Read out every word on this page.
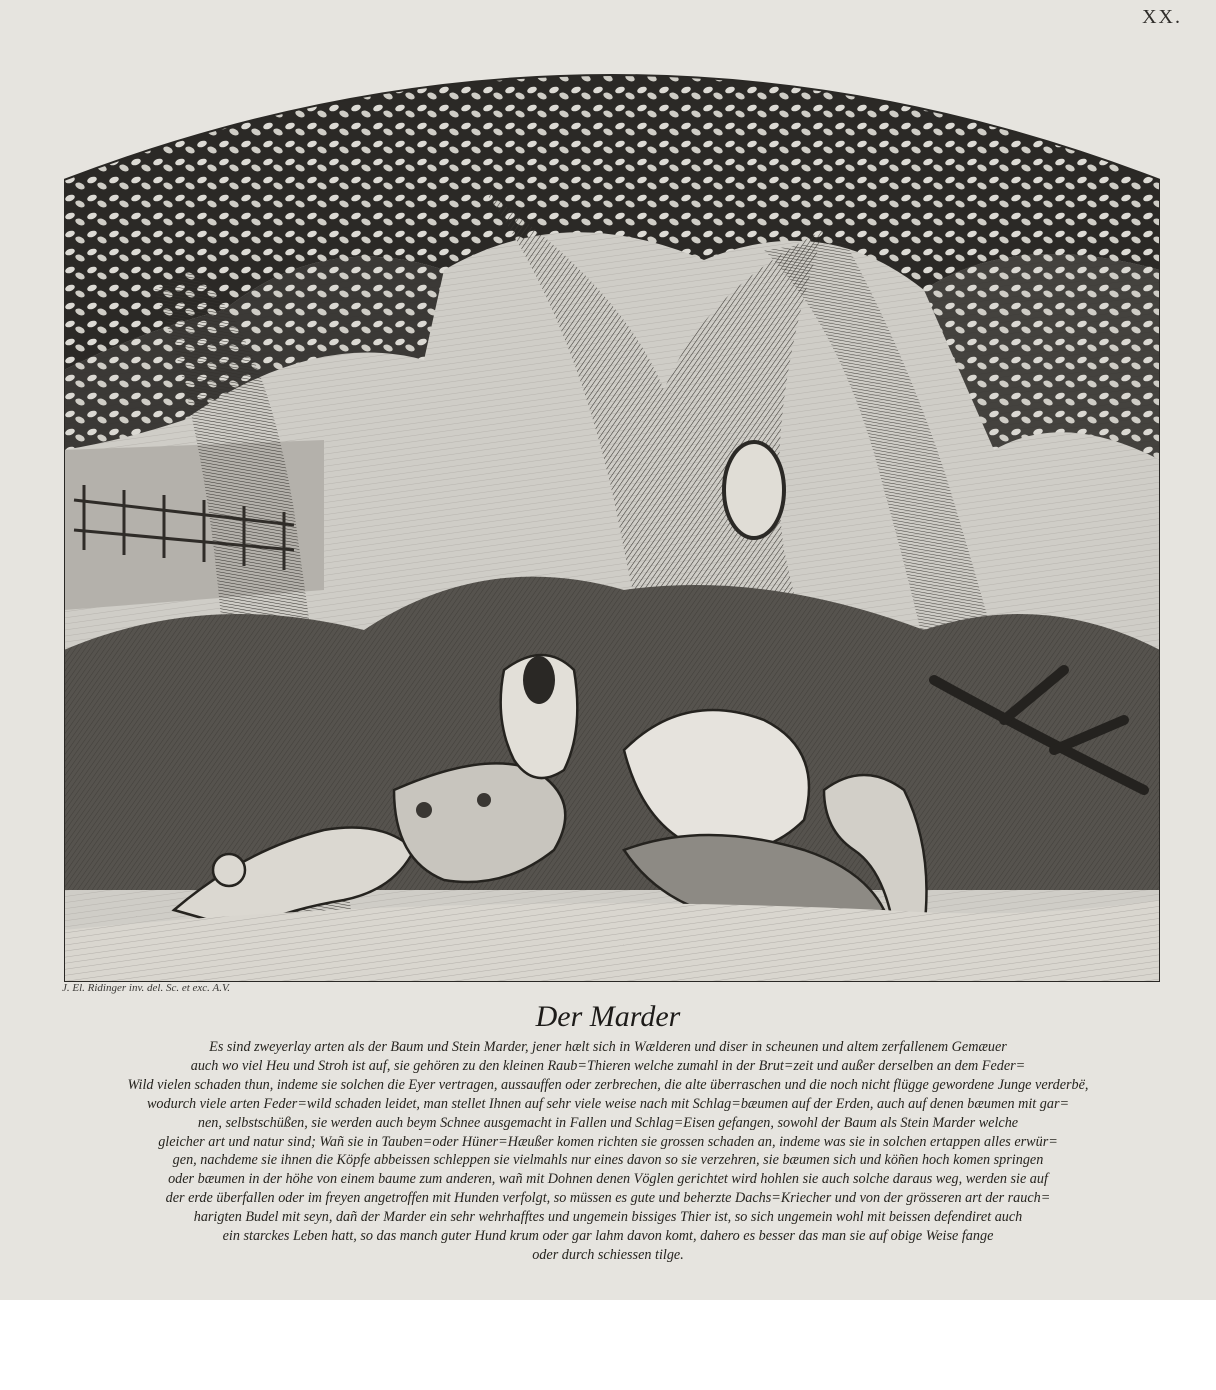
XX.
J. El. Ridinger inv. del. Sc. et exc. A.V.
Der Marder
Es sind zweyerlay arten als der Baum und Stein Marder, jener hælt sich in Wælderen und diser in scheunen und altem zerfallenem Gemæuer
auch wo viel Heu und Stroh ist auf, sie gehören zu den kleinen Raub=Thieren welche zumahl in der Brut=zeit und außer derselben an dem Feder=
Wild vielen schaden thun, indeme sie solchen die Eyer vertragen, aussauffen oder zerbrechen, die alte überraschen und die noch nicht flügge gewordene Junge verderbë,
wodurch viele arten Feder=wild schaden leidet, man stellet Ihnen auf sehr viele weise nach mit Schlag=bæumen auf der Erden, auch auf denen bæumen mit gar=
nen, selbstschüßen, sie werden auch beym Schnee ausgemacht in Fallen und Schlag=Eisen gefangen, sowohl der Baum als Stein Marder welche
gleicher art und natur sind; Wañ sie in Tauben=oder Hüner=Hæußer komen richten sie grossen schaden an, indeme was sie in solchen ertappen alles erwür=
gen, nachdeme sie ihnen die Köpfe abbeissen schleppen sie vielmahls nur eines davon so sie verzehren, sie bæumen sich und köñen hoch komen springen
oder bæumen in der höhe von einem baume zum anderen, wañ mit Dohnen denen Vöglen gerichtet wird hohlen sie auch solche daraus weg, werden sie auf
der erde überfallen oder im freyen angetroffen mit Hunden verfolgt, so müssen es gute und beherzte Dachs=Kriecher und von der grösseren art der rauch=
harigten Budel mit seyn, dañ der Marder ein sehr wehrhafftes und ungemein bissiges Thier ist, so sich ungemein wohl mit beissen defendiret auch
ein starckes Leben hatt, so das manch guter Hund krum oder gar lahm davon komt, dahero es besser das man sie auf obige Weise fange
oder durch schiessen tilge.
